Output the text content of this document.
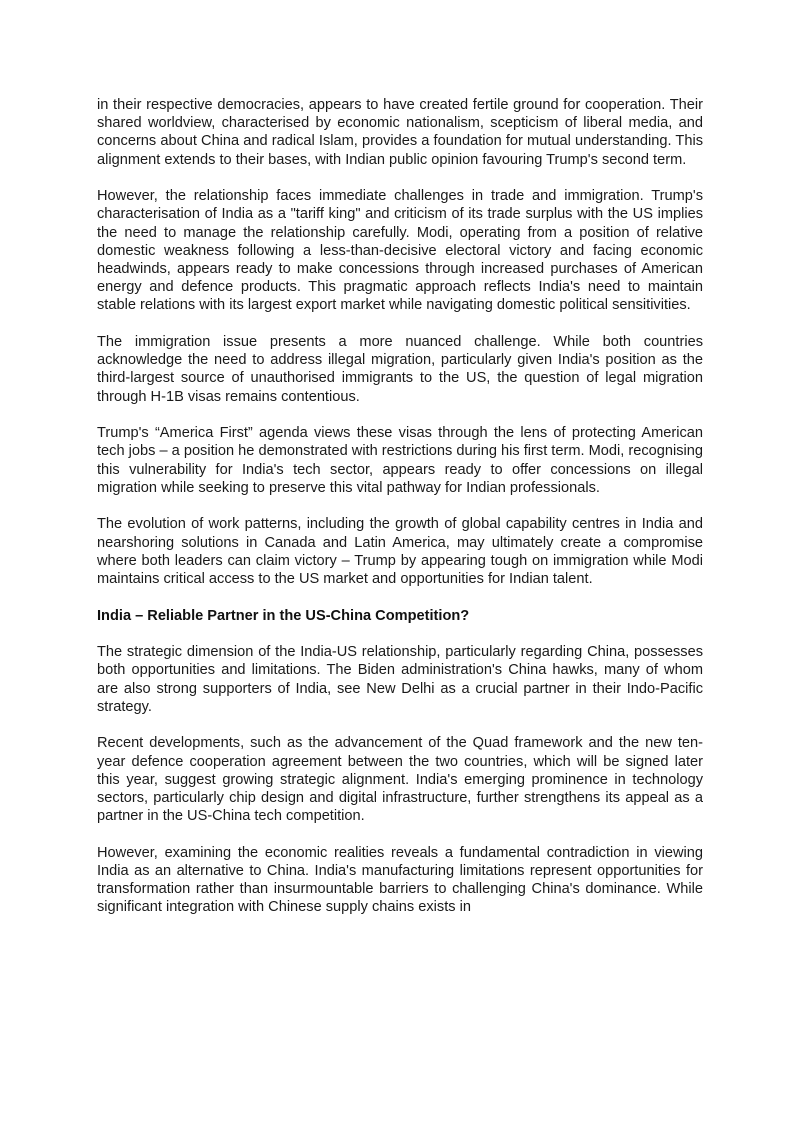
in their respective democracies, appears to have created fertile ground for cooperation. Their shared worldview, characterised by economic nationalism, scepticism of liberal media, and concerns about China and radical Islam, provides a foundation for mutual understanding. This alignment extends to their bases, with Indian public opinion favouring Trump's second term.

However, the relationship faces immediate challenges in trade and immigration. Trump's characterisation of India as a "tariff king" and criticism of its trade surplus with the US implies the need to manage the relationship carefully. Modi, operating from a position of relative domestic weakness following a less-than-decisive electoral victory and facing economic headwinds, appears ready to make concessions through increased purchases of American energy and defence products. This pragmatic approach reflects India's need to maintain stable relations with its largest export market while navigating domestic political sensitivities.

The immigration issue presents a more nuanced challenge. While both countries acknowledge the need to address illegal migration, particularly given India's position as the third-largest source of unauthorised immigrants to the US, the question of legal migration through H-1B visas remains contentious.

Trump's “America First” agenda views these visas through the lens of protecting American tech jobs – a position he demonstrated with restrictions during his first term. Modi, recognising this vulnerability for India's tech sector, appears ready to offer concessions on illegal migration while seeking to preserve this vital pathway for Indian professionals.

The evolution of work patterns, including the growth of global capability centres in India and nearshoring solutions in Canada and Latin America, may ultimately create a compromise where both leaders can claim victory – Trump by appearing tough on immigration while Modi maintains critical access to the US market and opportunities for Indian talent.

India – Reliable Partner in the US-China Competition?

The strategic dimension of the India-US relationship, particularly regarding China, possesses both opportunities and limitations. The Biden administration's China hawks, many of whom are also strong supporters of India, see New Delhi as a crucial partner in their Indo-Pacific strategy.

Recent developments, such as the advancement of the Quad framework and the new ten-year defence cooperation agreement between the two countries, which will be signed later this year, suggest growing strategic alignment. India's emerging prominence in technology sectors, particularly chip design and digital infrastructure, further strengthens its appeal as a partner in the US-China tech competition.

However, examining the economic realities reveals a fundamental contradiction in viewing India as an alternative to China. India's manufacturing limitations represent opportunities for transformation rather than insurmountable barriers to challenging China's dominance. While significant integration with Chinese supply chains exists in
